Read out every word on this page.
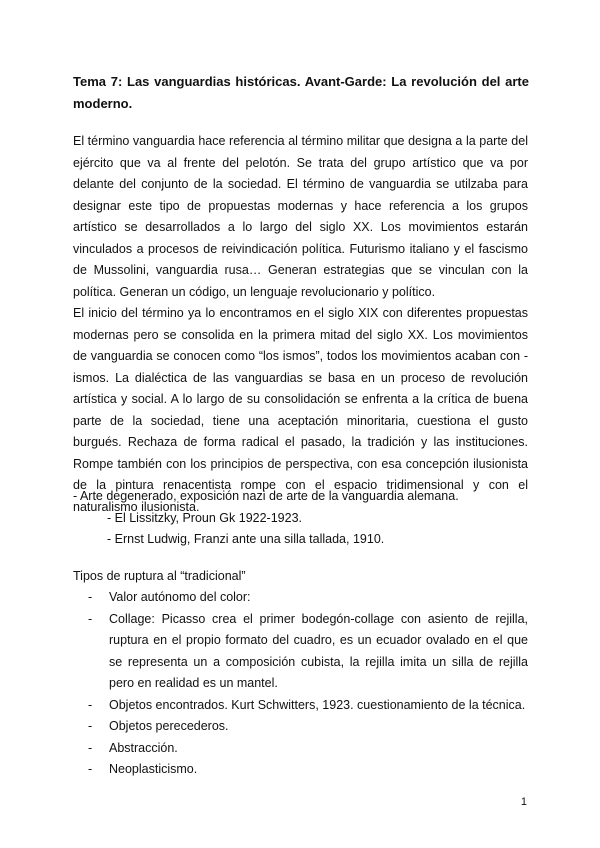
Tema 7: Las vanguardias históricas. Avant-Garde: La revolución del arte moderno.

El término vanguardia hace referencia al término militar que designa a la parte del ejército que va al frente del pelotón. Se trata del grupo artístico que va por delante del conjunto de la sociedad. El término de vanguardia se utilzaba para designar este tipo de propuestas modernas y hace referencia a los grupos artístico se desarrollados a lo largo del siglo XX. Los movimientos estarán vinculados a procesos de reivindicación política. Futurismo italiano y el fascismo de Mussolini, vanguardia rusa… Generan estrategias que se vinculan con la política. Generan un código, un lenguaje revolucionario y político.

El inicio del término ya lo encontramos en el siglo XIX con diferentes propuestas modernas pero se consolida en la primera mitad del siglo XX. Los movimientos de vanguardia se conocen como “los ismos”, todos los movimientos acaban con -ismos. La dialéctica de las vanguardias se basa en un proceso de revolución artística y social. A lo largo de su consolidación se enfrenta a la crítica de buena parte de la sociedad, tiene una aceptación minoritaria, cuestiona el gusto burgués. Rechaza de forma radical el pasado, la tradición y las instituciones. Rompe también con los principios de perspectiva, con esa concepción ilusionista de la pintura renacentista rompe con el espacio tridimensional y con el naturalismo ilusionista.

- Arte degenerado, exposición nazi de arte de la vanguardia alemana.

- El Lissitzky, Proun Gk 1922-1923.

- Ernst Ludwig, Franzi ante una silla tallada, 1910.

Tipos de ruptura al “tradicional”

- Valor autónomo del color:
- Collage: Picasso crea el primer bodegón-collage con asiento de rejilla, ruptura en el propio formato del cuadro, es un ecuador ovalado en el que se representa un a composición cubista, la rejilla imita un silla de rejilla pero en realidad es un mantel.
- Objetos encontrados. Kurt Schwitters, 1923. cuestionamiento de la técnica.
- Objetos perecederos.
- Abstracción.
- Neoplasticismo.

1
